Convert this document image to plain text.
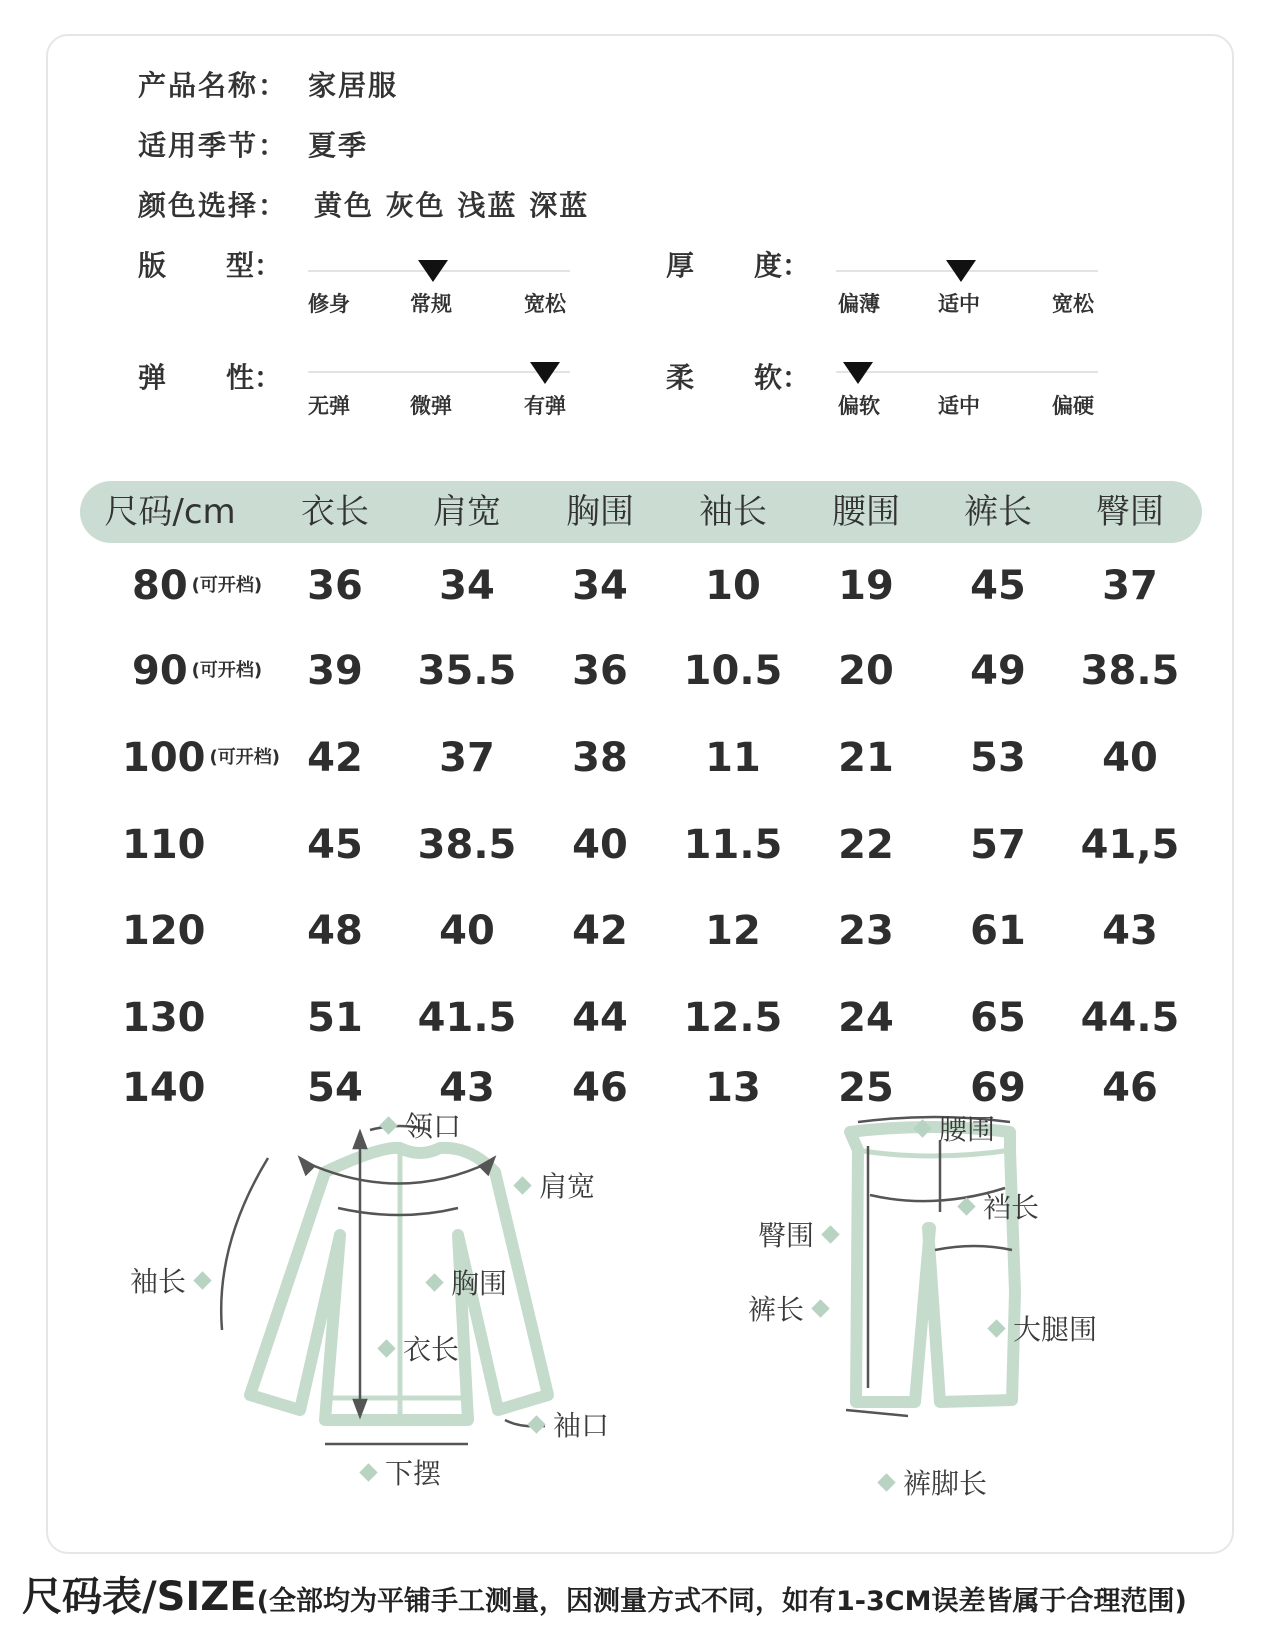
产品名称： 家居服
适用季节： 夏季
颜色选择： 黄色 灰色 浅蓝 深蓝
版 型：
修身	常规	宽松
厚 度：
偏薄	适中	宽松
弹 性：
无弹	微弹	有弹
柔 软：
偏软	适中	偏硬
尺码/cm 衣长 肩宽 胸围 袖长 腰围 裤长 臀围
80 $^{(可开档)}$ 36 34 34 10 19 45 37
90 $^{(可开档)}$ 39 35.5 36 10.5 20 49 38.5
100 $^{(可开档)}$ 42 37 38 11 21 53 40
110	45 38.5 40 11.5 22 57 41,5
120	48 40 42 12 23 61 43
130	51 41.5 44 12.5 24 65 44.5
140	54 43 46 13 25 69 46
领口
肩宽
袖长	胸围
衣长
袖口
下摆
腰围
裆长
臀围
裤长
大腿围
裤脚长
尺码表/SIZE(全部均为平铺手工测量，因测量方式不同，如有1-3CM误差皆属于合理范围)
